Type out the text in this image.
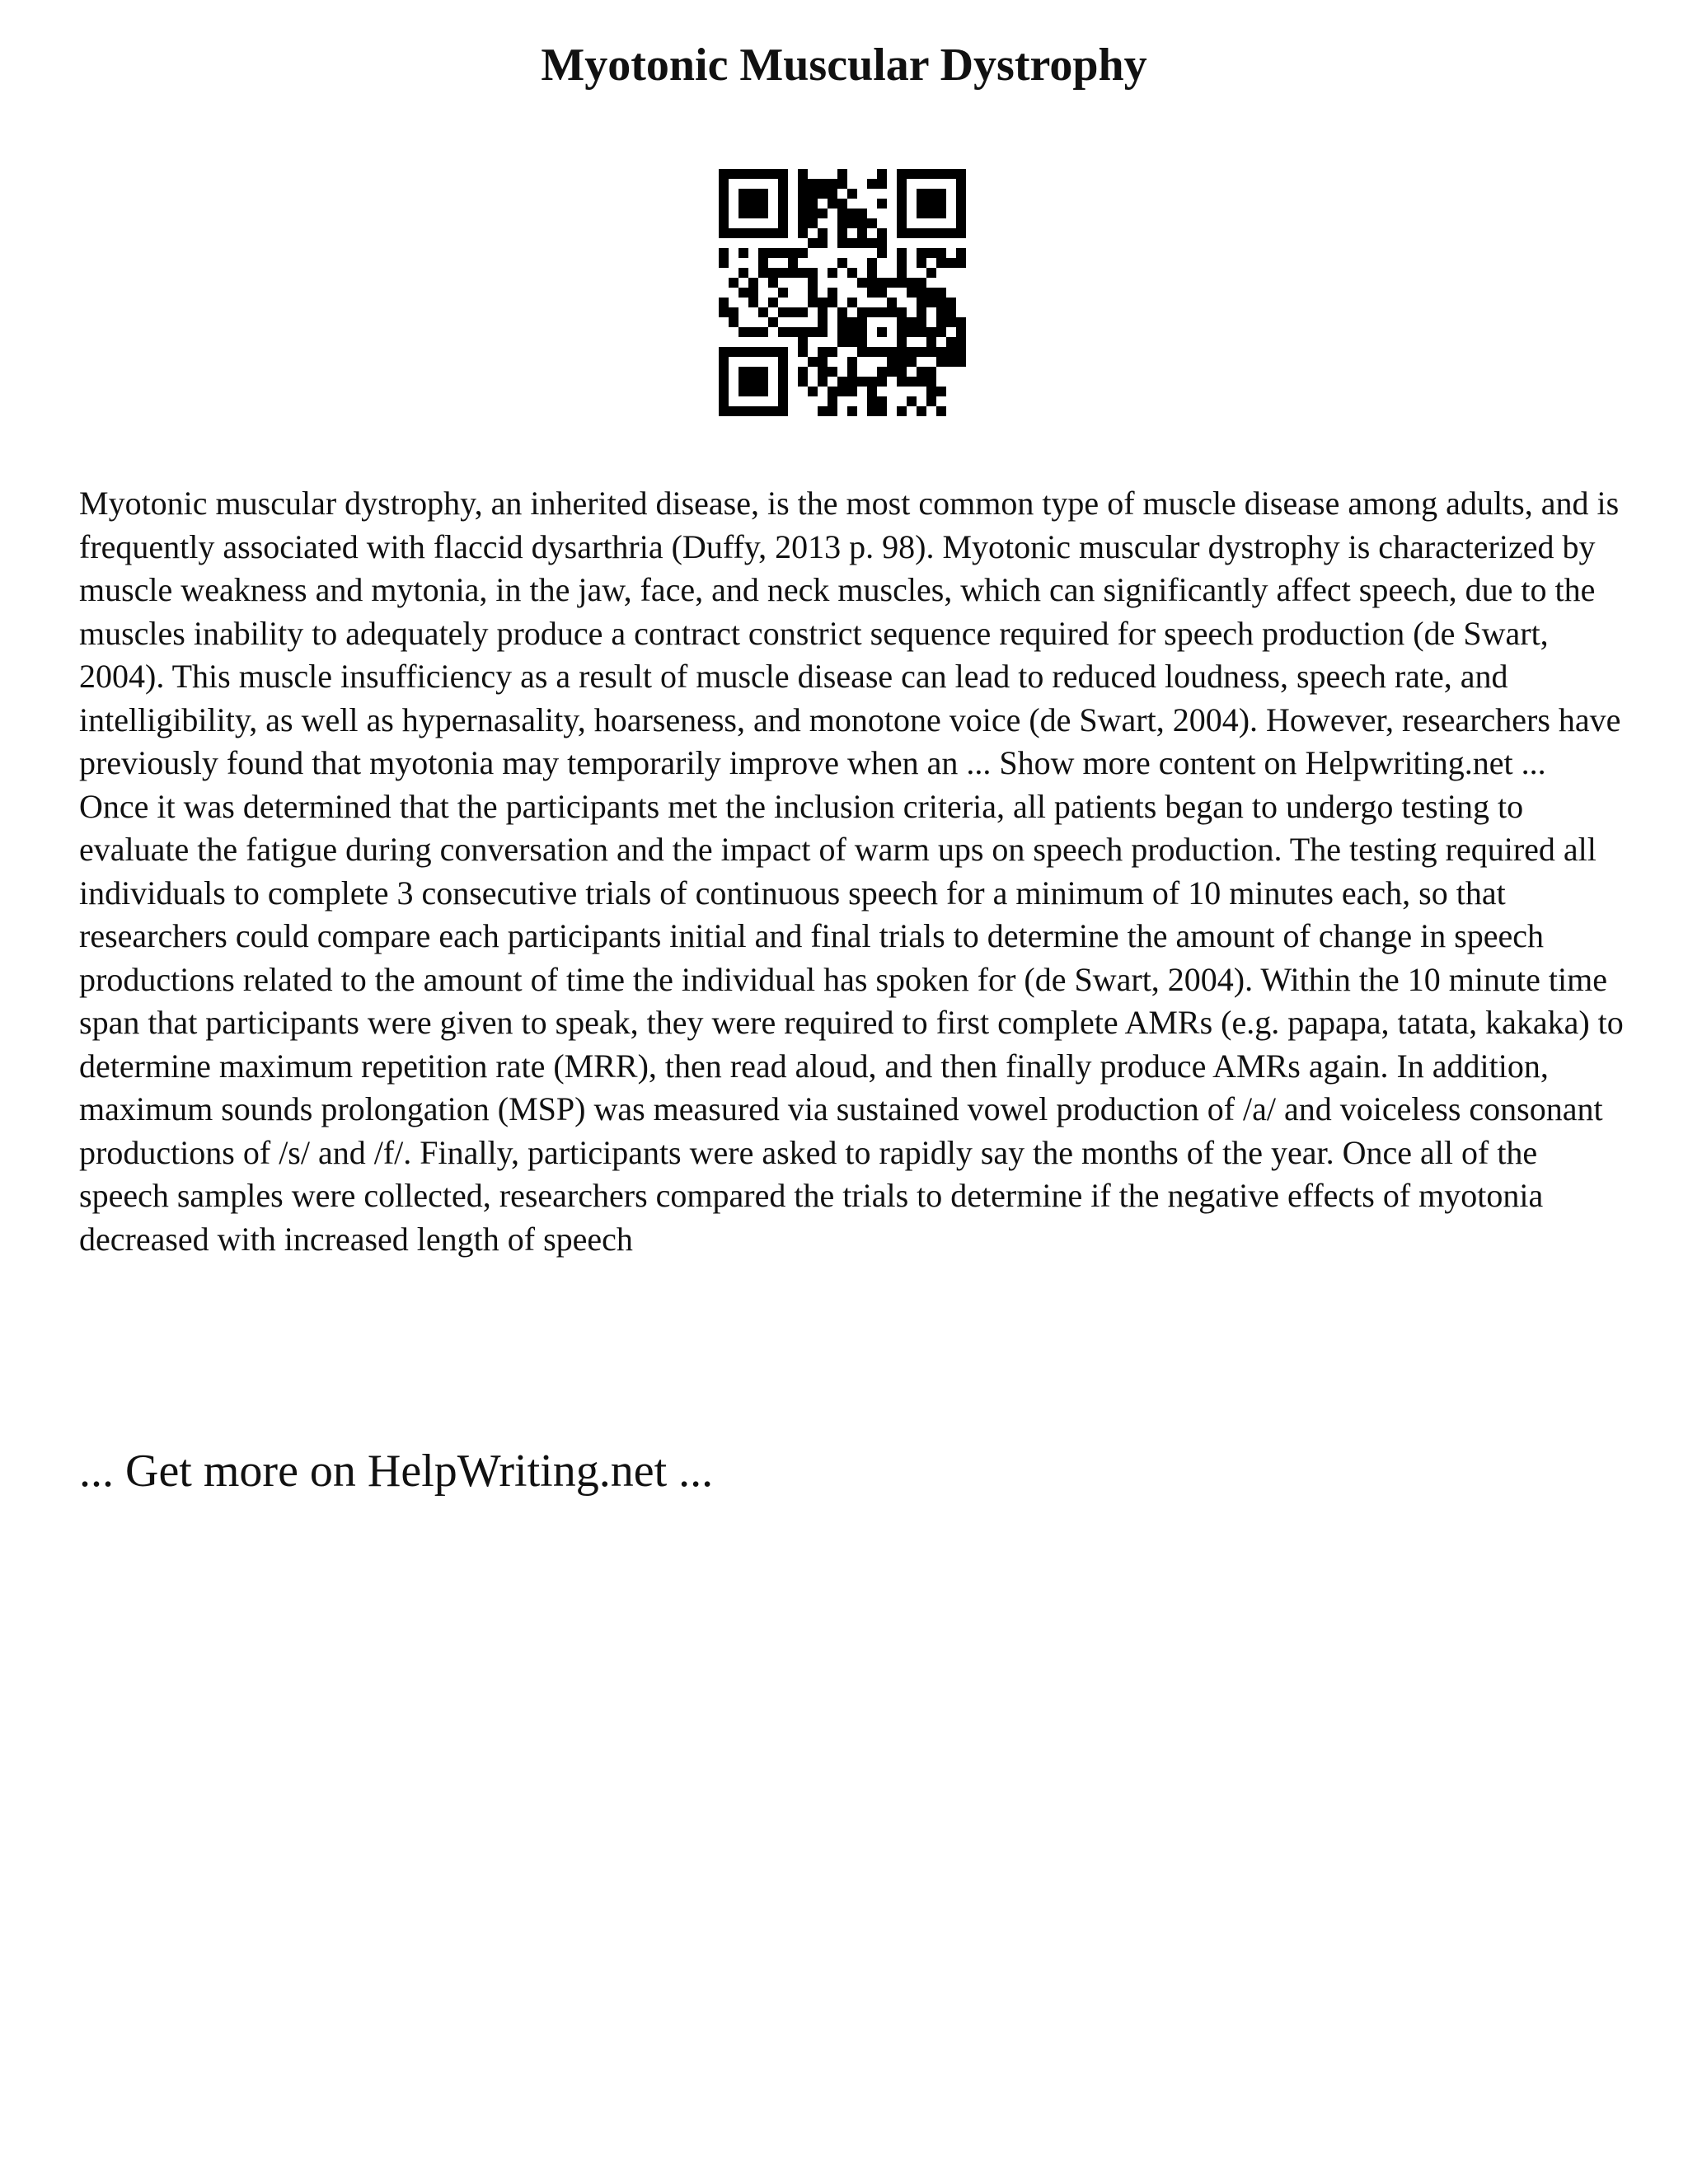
Myotonic Muscular Dystrophy

Myotonic muscular dystrophy, an inherited disease, is the most common type of muscle disease among adults, and is frequently associated with flaccid dysarthria (Duffy, 2013 p. 98). Myotonic muscular dystrophy is characterized by muscle weakness and mytonia, in the jaw, face, and neck muscles, which can significantly affect speech, due to the muscles inability to adequately produce a contract constrict sequence required for speech production (de Swart, 2004). This muscle insufficiency as a result of muscle disease can lead to reduced loudness, speech rate, and intelligibility, as well as hypernasality, hoarseness, and monotone voice (de Swart, 2004). However, researchers have previously found that myotonia may temporarily improve when an ... Show more content on Helpwriting.net ...

Once it was determined that the participants met the inclusion criteria, all patients began to undergo testing to evaluate the fatigue during conversation and the impact of warm ups on speech production. The testing required all individuals to complete 3 consecutive trials of continuous speech for a minimum of 10 minutes each, so that researchers could compare each participants initial and final trials to determine the amount of change in speech productions related to the amount of time the individual has spoken for (de Swart, 2004). Within the 10 minute time span that participants were given to speak, they were required to first complete AMRs (e.g. papapa, tatata, kakaka) to determine maximum repetition rate (MRR), then read aloud, and then finally produce AMRs again. In addition, maximum sounds prolongation (MSP) was measured via sustained vowel production of /a/ and voiceless consonant productions of /s/ and /f/. Finally, participants were asked to rapidly say the months of the year. Once all of the speech samples were collected, researchers compared the trials to determine if the negative effects of myotonia decreased with increased length of speech

... Get more on HelpWriting.net ...
